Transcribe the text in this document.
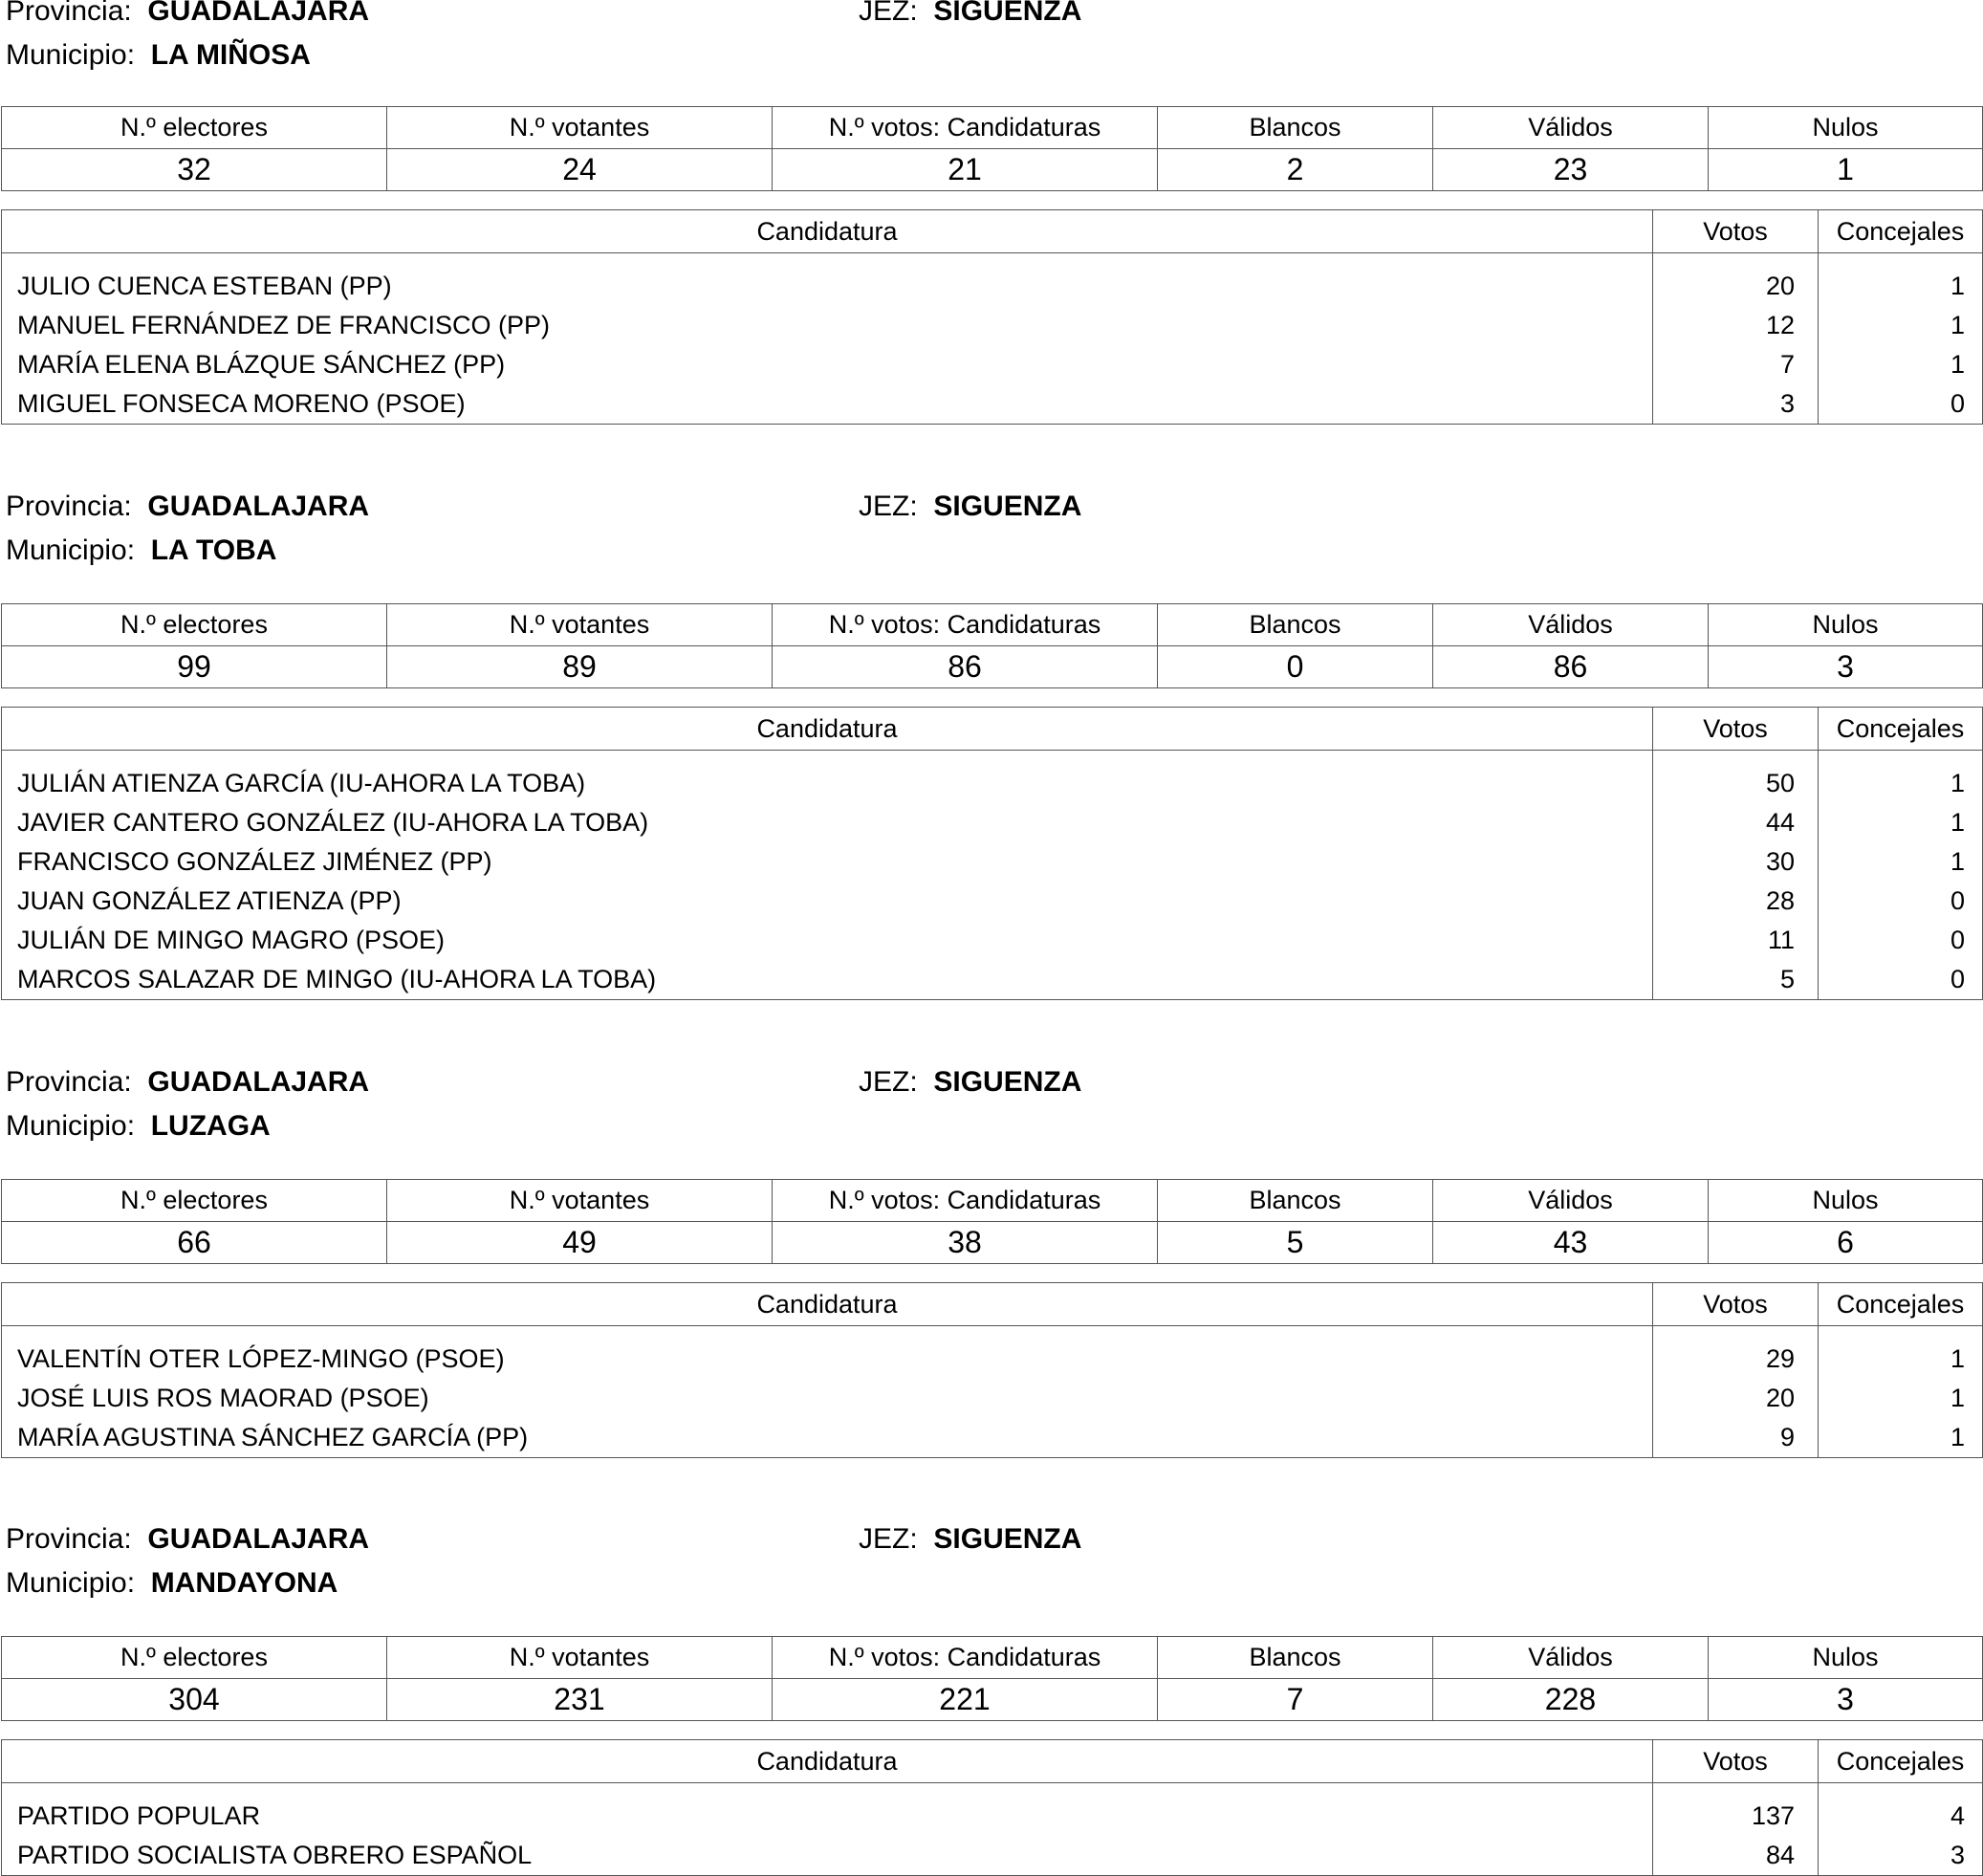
Provincia: GUADALAJARA	JEZ: SIGUENZA
Municipio: LA MIÑOSA
N.º electores	N.º votantes	N.º votos: Candidaturas	Blancos	Válidos	Nulos
32	24	21	2	23	1
Candidatura	Votos	Concejales
JULIO CUENCA ESTEBAN (PP)	20	1
MANUEL FERNÁNDEZ DE FRANCISCO (PP)	12	1
MARÍA ELENA BLÁZQUE SÁNCHEZ (PP)	7	1
MIGUEL FONSECA MORENO (PSOE)	3	0
Provincia: GUADALAJARA	JEZ: SIGUENZA
Municipio: LA TOBA
N.º electores	N.º votantes	N.º votos: Candidaturas	Blancos	Válidos	Nulos
99	89	86	0	86	3
Candidatura	Votos	Concejales
JULIÁN ATIENZA GARCÍA (IU-AHORA LA TOBA)	50	1
JAVIER CANTERO GONZÁLEZ (IU-AHORA LA TOBA)	44	1
FRANCISCO GONZÁLEZ JIMÉNEZ (PP)	30	1
JUAN GONZÁLEZ ATIENZA (PP)	28	0
JULIÁN DE MINGO MAGRO (PSOE)	11	0
MARCOS SALAZAR DE MINGO (IU-AHORA LA TOBA)	5	0
Provincia: GUADALAJARA	JEZ: SIGUENZA
Municipio: LUZAGA
N.º electores	N.º votantes	N.º votos: Candidaturas	Blancos	Válidos	Nulos
66	49	38	5	43	6
Candidatura	Votos	Concejales
VALENTÍN OTER LÓPEZ-MINGO (PSOE)	29	1
JOSÉ LUIS ROS MAORAD (PSOE)	20	1
MARÍA AGUSTINA SÁNCHEZ GARCÍA (PP)	9	1
Provincia: GUADALAJARA	JEZ: SIGUENZA
Municipio: MANDAYONA
N.º electores	N.º votantes	N.º votos: Candidaturas	Blancos	Válidos	Nulos
304	231	221	7	228	3
Candidatura	Votos	Concejales
PARTIDO POPULAR	137	4
PARTIDO SOCIALISTA OBRERO ESPAÑOL	84	3
